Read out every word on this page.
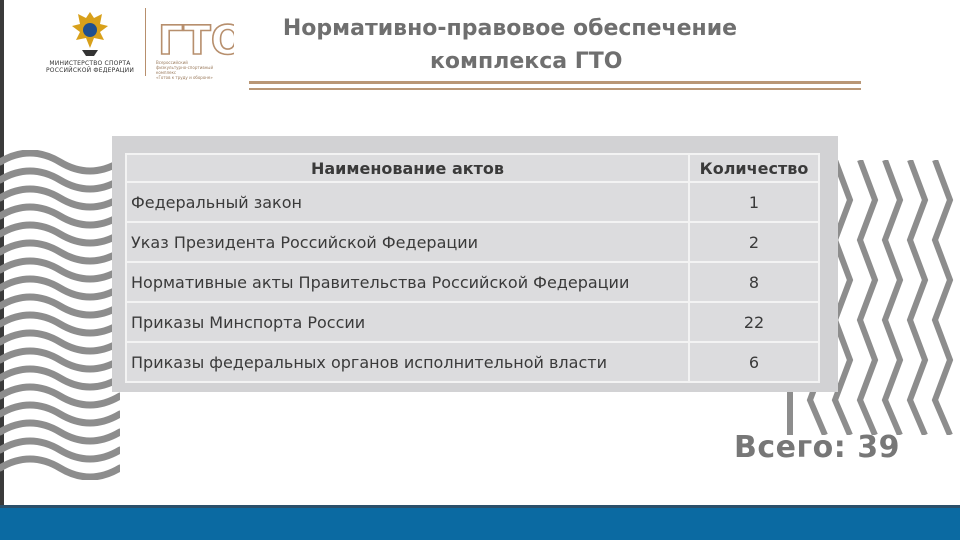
МИНИСТЕРСТВО СПОРТА
РОССИЙСКОЙ ФЕДЕРАЦИИ
ГТО
Всероссийский
физкультурно-спортивный комплекс
«Готов к труду и обороне»
Нормативно-правовое обеспечение
комплекса ГТО
Наименование актов	Количество
Федеральный закон	1
Указ Президента Российской Федерации	2
Нормативные акты Правительства Российской Федерации	8
Приказы Минспорта России	22
Приказы федеральных органов исполнительной власти	6
Всего: 39
